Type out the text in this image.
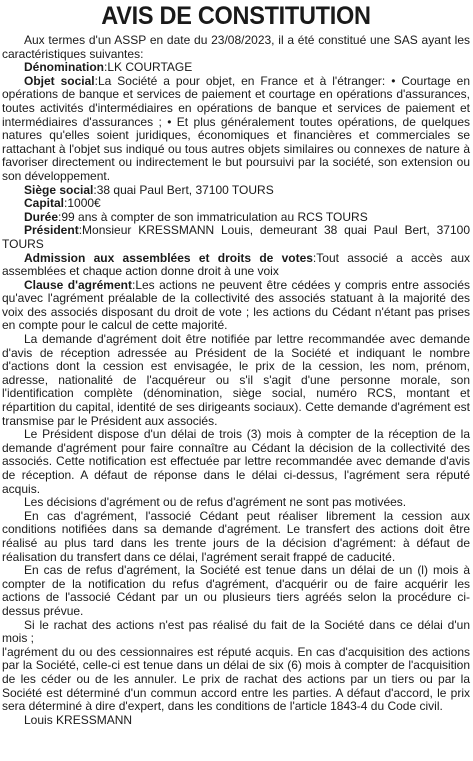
AVIS DE CONSTITUTION

Aux termes d'un ASSP en date du 23/08/2023, il a été constitué une SAS ayant les caractéristiques suivantes:

Dénomination:LK COURTAGE

Objet social:La Société a pour objet, en France et à l'étranger: • Courtage en opérations de banque et services de paiement et courtage en opérations d'assurances, toutes activités d'intermédiaires en opérations de banque et services de paiement et intermédiaires d'assurances ; • Et plus généralement toutes opérations, de quelques natures qu'elles soient juridiques, économiques et financières et commerciales se rattachant à l'objet sus indiqué ou tous autres objets similaires ou connexes de nature à favoriser directement ou indirectement le but poursuivi par la société, son extension ou son développement.

Siège social:38 quai Paul Bert, 37100 TOURS

Capital:1000€

Durée:99 ans à compter de son immatriculation au RCS TOURS

Président:Monsieur KRESSMANN Louis, demeurant 38 quai Paul Bert, 37100 TOURS

Admission aux assemblées et droits de votes:Tout associé a accès aux assemblées et chaque action donne droit à une voix

Clause d'agrément:Les actions ne peuvent être cédées y compris entre associés qu'avec l'agrément préalable de la collectivité des associés statuant à la majorité des voix des associés disposant du droit de vote ; les actions du Cédant n'étant pas prises en compte pour le calcul de cette majorité.

La demande d'agrément doit être notifiée par lettre recommandée avec demande d'avis de réception adressée au Président de la Société et indiquant le nombre d'actions dont la cession est envisagée, le prix de la cession, les nom, prénom, adresse, nationalité de l'acquéreur ou s'il s'agit d'une personne morale, son l'identification complète (dénomination, siège social, numéro RCS, montant et répartition du capital, identité de ses dirigeants sociaux). Cette demande d'agrément est transmise par le Président aux associés.

Le Président dispose d'un délai de trois (3) mois à compter de la réception de la demande d'agrément pour faire connaître au Cédant la décision de la collectivité des associés. Cette notification est effectuée par lettre recommandée avec demande d'avis de réception. A défaut de réponse dans le délai ci-dessus, l'agrément sera réputé acquis.

Les décisions d'agrément ou de refus d'agrément ne sont pas motivées.

En cas d'agrément, l'associé Cédant peut réaliser librement la cession aux conditions notifiées dans sa demande d'agrément. Le transfert des actions doit être réalisé au plus tard dans les trente jours de la décision d'agrément: à défaut de réalisation du transfert dans ce délai, l'agrément serait frappé de caducité.

En cas de refus d'agrément, la Société est tenue dans un délai de un (l) mois à compter de la notification du refus d'agrément, d'acquérir ou de faire acquérir les actions de l'associé Cédant par un ou plusieurs tiers agréés selon la procédure ci-dessus prévue.

Si le rachat des actions n'est pas réalisé du fait de la Société dans ce délai d'un mois ;

l'agrément du ou des cessionnaires est réputé acquis. En cas d'acquisition des actions par la Société, celle-ci est tenue dans un délai de six (6) mois à compter de l'acquisition de les céder ou de les annuler. Le prix de rachat des actions par un tiers ou par la Société est déterminé d'un commun accord entre les parties. A défaut d'accord, le prix sera déterminé à dire d'expert, dans les conditions de l'article 1843-4 du Code civil.

Louis KRESSMANN
